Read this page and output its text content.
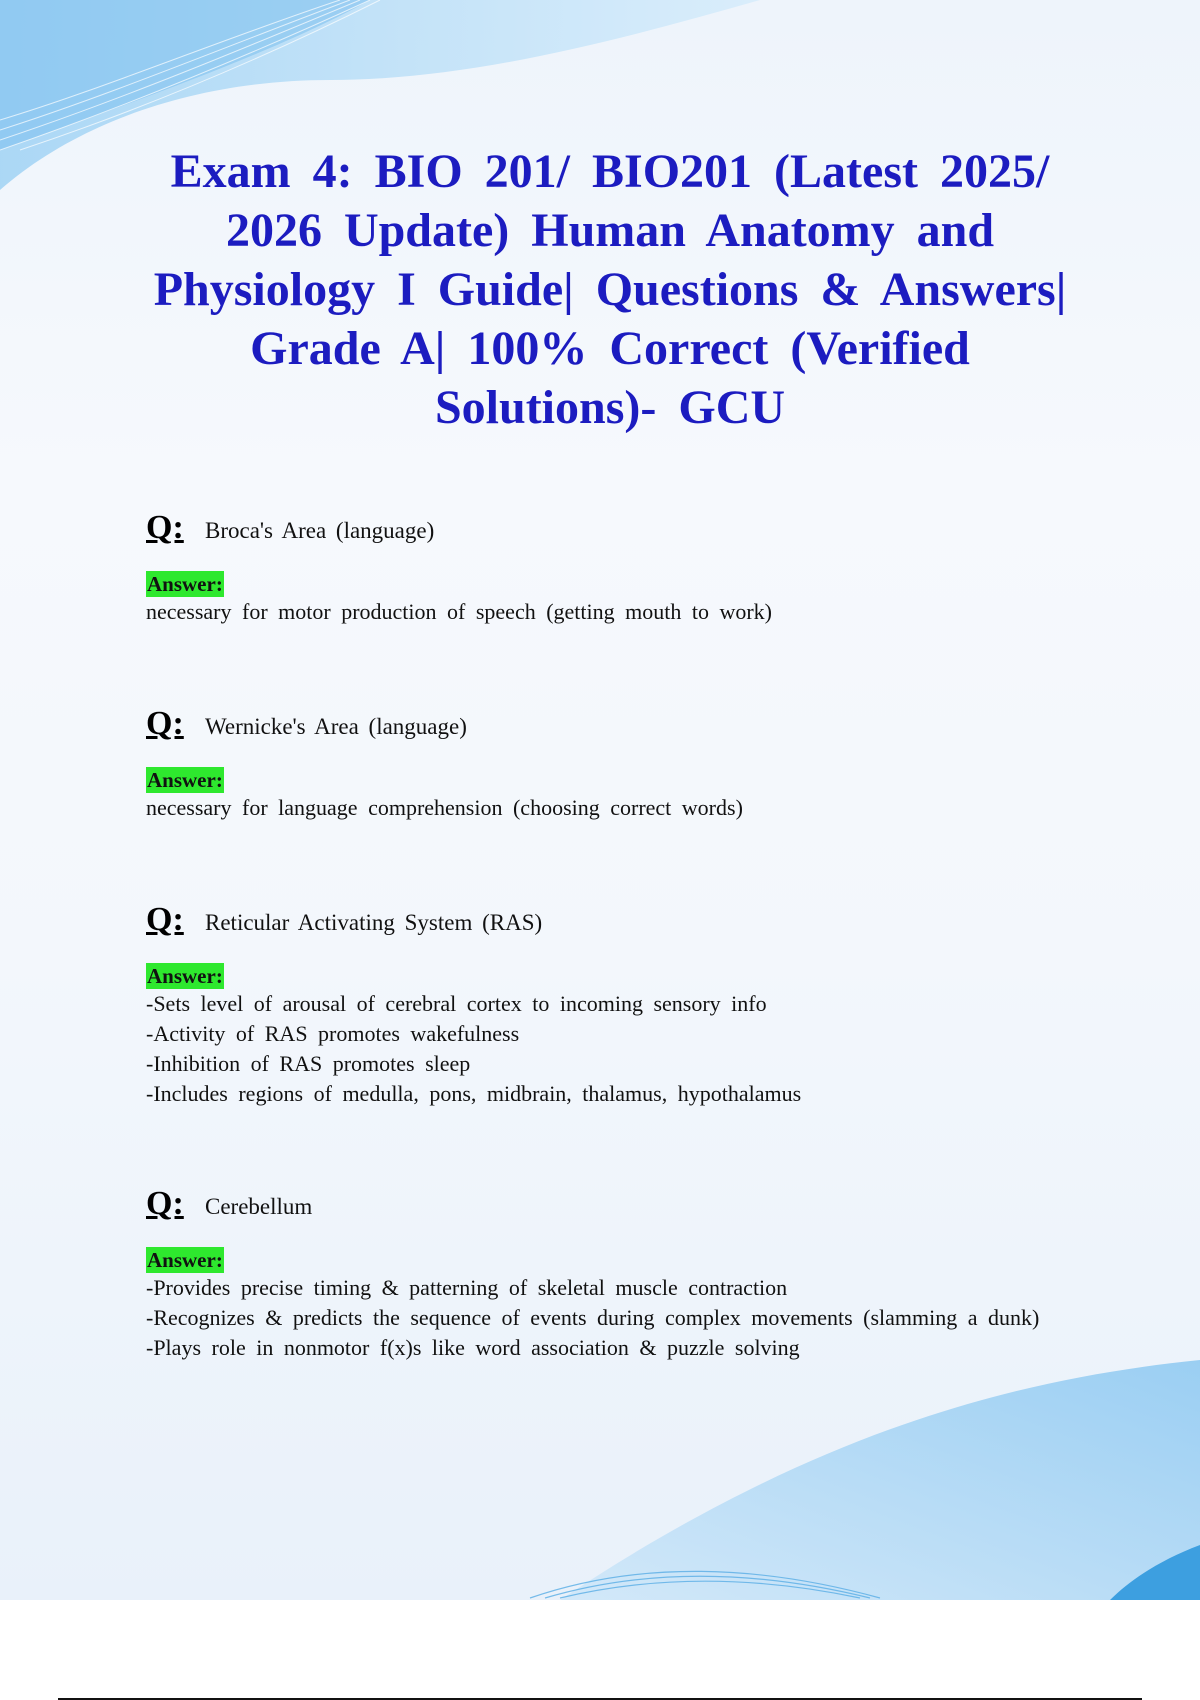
Exam 4: BIO 201/ BIO201 (Latest 2025/ 2026 Update) Human Anatomy and Physiology I Guide| Questions & Answers| Grade A| 100% Correct (Verified Solutions)- GCU
Q: Broca's Area (language)
Answer:

necessary for motor production of speech (getting mouth to work)

Q: Wernicke's Area (language)
Answer:

necessary for language comprehension (choosing correct words)

Q: Reticular Activating System (RAS)
Answer:

-Sets level of arousal of cerebral cortex to incoming sensory info

-Activity of RAS promotes wakefulness

-Inhibition of RAS promotes sleep

-Includes regions of medulla, pons, midbrain, thalamus, hypothalamus

Q: Cerebellum
Answer:

-Provides precise timing & patterning of skeletal muscle contraction

-Recognizes & predicts the sequence of events during complex movements (slamming a dunk)

-Plays role in nonmotor f(x)s like word association & puzzle solving
